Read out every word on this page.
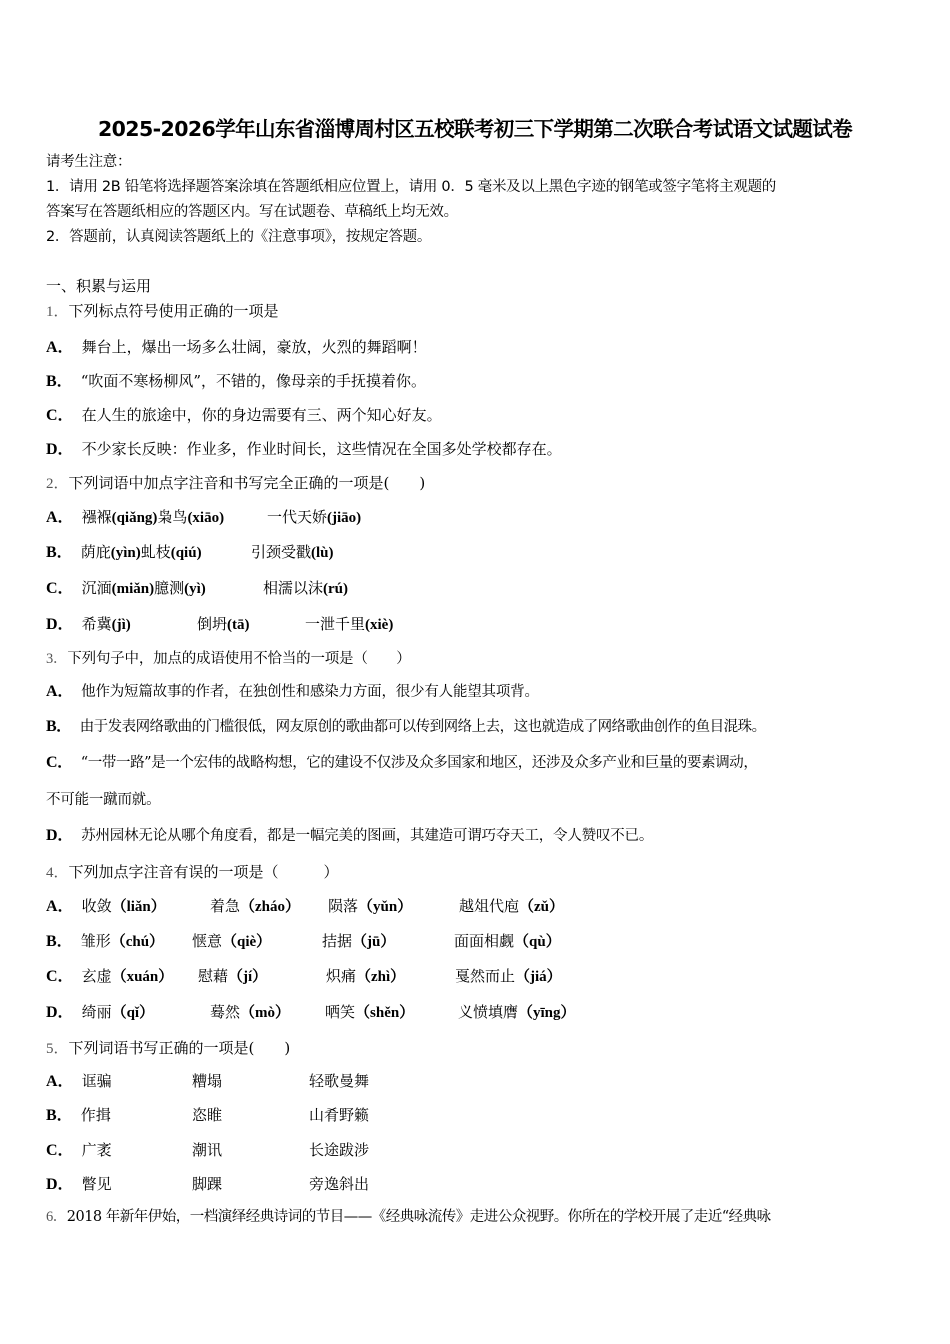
2025-2026学年山东省淄博周村区五校联考初三下学期第二次联合考试语文试题试卷
请考生注意：
1．请用 2B 铅笔将选择题答案涂填在答题纸相应位置上，请用 0．5 毫米及以上黑色字迹的钢笔或签字笔将主观题的
答案写在答题纸相应的答题区内。写在试题卷、草稿纸上均无效。
2．答题前，认真阅读答题纸上的《注意事项》，按规定答题。
一、积累与运用
1．下列标点符号使用正确的一项是
A． 舞台上，爆出一场多么壮阔，豪放，火烈的舞蹈啊！
B． “吹面不寒杨柳风”，不错的，像母亲的手抚摸着你。
C． 在人生的旅途中，你的身边需要有三、两个知心好友。
D． 不少家长反映：作业多，作业时间长，这些情况在全国多处学校都存在。
2．下列词语中加点字注音和书写完全正确的一项是(　　)
A． 襁褓(qiǎng)枭鸟(xiāo)	一代天娇(jiāo)
B． 荫庇(yìn)虬枝(qiú)	引颈受戳(lù)
C． 沉湎(miǎn)臆测(yì)	相濡以沫(rú)
D． 希冀(jì)	倒坍(tā)	一泄千里(xiè)
3．下列句子中，加点的成语使用不恰当的一项是（　　）
A． 他作为短篇故事的作者，在独创性和感染力方面，很少有人能望其项背。
B． 由于发表网络歌曲的门槛很低，网友原创的歌曲都可以传到网络上去，这也就造成了网络歌曲创作的鱼目混珠。
C． “一带一路”是一个宏伟的战略构想，它的建设不仅涉及众多国家和地区，还涉及众多产业和巨量的要素调动，
不可能一蹴而就。
D． 苏州园林无论从哪个角度看，都是一幅完美的图画，其建造可谓巧夺天工，令人赞叹不已。
4．下列加点字注音有误的一项是（　　　）
A． 收敛（liǎn）	着急（zháo） 陨落（yǔn）	越俎代庖（zǔ）
B． 雏形（chú） 惬意（qiè）	拮据（jū）	面面相觑（qù）
C． 玄虚（xuán） 慰藉（jí）	炽痛（zhì）	戛然而止（jiá）
D． 绮丽（qǐ）	蓦然（mò） 哂笑（shěn）	义愤填膺（yīng）
5．下列词语书写正确的一项是(　　)
A． 诓骗	糟塌	轻歌曼舞
B． 作揖	恣睢	山肴野籁
C． 广袤	潮讯	长途跋涉
D． 瞥见	脚踝	旁逸斜出
6．2018 年新年伊始，一档演绎经典诗词的节目——《经典咏流传》走进公众视野。你所在的学校开展了走近“经典咏
